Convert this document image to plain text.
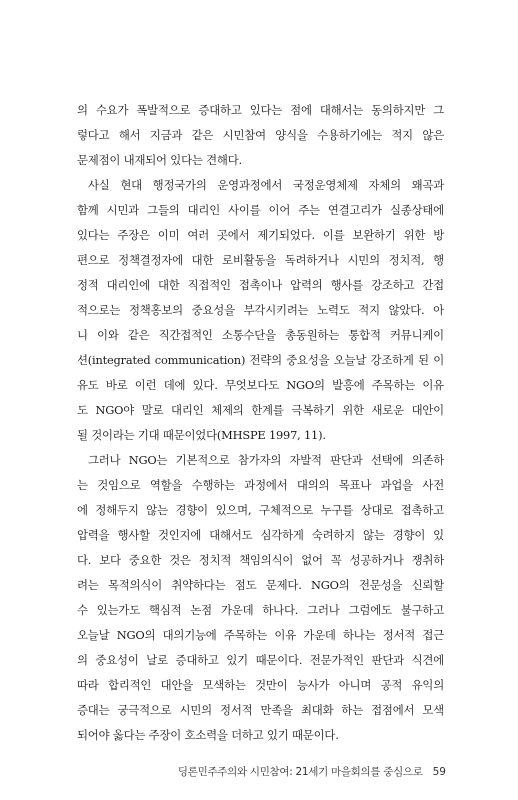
의 수요가 폭발적으로 증대하고 있다는 점에 대해서는 동의하지만 그
렇다고 해서 지금과 같은 시민참여 양식을 수용하기에는 적지 않은
문제점이 내재되어 있다는 견해다.
사실 현대 행정국가의 운영과정에서 국정운영체제 자체의 왜곡과
함께 시민과 그들의 대리인 사이를 이어 주는 연결고리가 실종상태에
있다는 주장은 이미 여러 곳에서 제기되었다. 이를 보완하기 위한 방
편으로 정책결정자에 대한 로비활동을 독려하거나 시민의 정치적, 행
정적 대리인에 대한 직접적인 접촉이나 압력의 행사를 강조하고 간접
적으로는 정책홍보의 중요성을 부각시키려는 노력도 적지 않았다. 아
니 이와 같은 직간접적인 소통수단을 총동원하는 통합적 커뮤니케이
션(integrated communication) 전략의 중요성을 오늘날 강조하게 된 이
유도 바로 이런 데에 있다. 무엇보다도 NGO의 발흥에 주목하는 이유
도 NGO야 말로 대리인 체제의 한계를 극복하기 위한 새로운 대안이
될 것이라는 기대 때문이었다(MHSPE 1997, 11).
그러나 NGO는 기본적으로 참가자의 자발적 판단과 선택에 의존하
는 것임으로 역할을 수행하는 과정에서 대의의 목표나 과업을 사전
에 정해두지 않는 경향이 있으며, 구체적으로 누구를 상대로 접촉하고
압력을 행사할 것인지에 대해서도 심각하게 숙려하지 않는 경향이 있
다. 보다 중요한 것은 정치적 책임의식이 없어 꼭 성공하거나 쟁취하
려는 목적의식이 취약하다는 점도 문제다. NGO의 전문성을 신뢰할
수 있는가도 핵심적 논점 가운데 하나다. 그러나 그럼에도 불구하고
오늘날 NGO의 대의기능에 주목하는 이유 가운데 하나는 정서적 접근
의 중요성이 날로 증대하고 있기 때문이다. 전문가적인 판단과 식견에
따라 합리적인 대안을 모색하는 것만이 능사가 아니며 공적 유익의
증대는 궁극적으로 시민의 정서적 만족을 최대화 하는 접점에서 모색
되어야 옳다는 주장이 호소력을 더하고 있기 때문이다.
딩론민주주의와 시민참여: 21세기 마을회의를 중심으로 59
